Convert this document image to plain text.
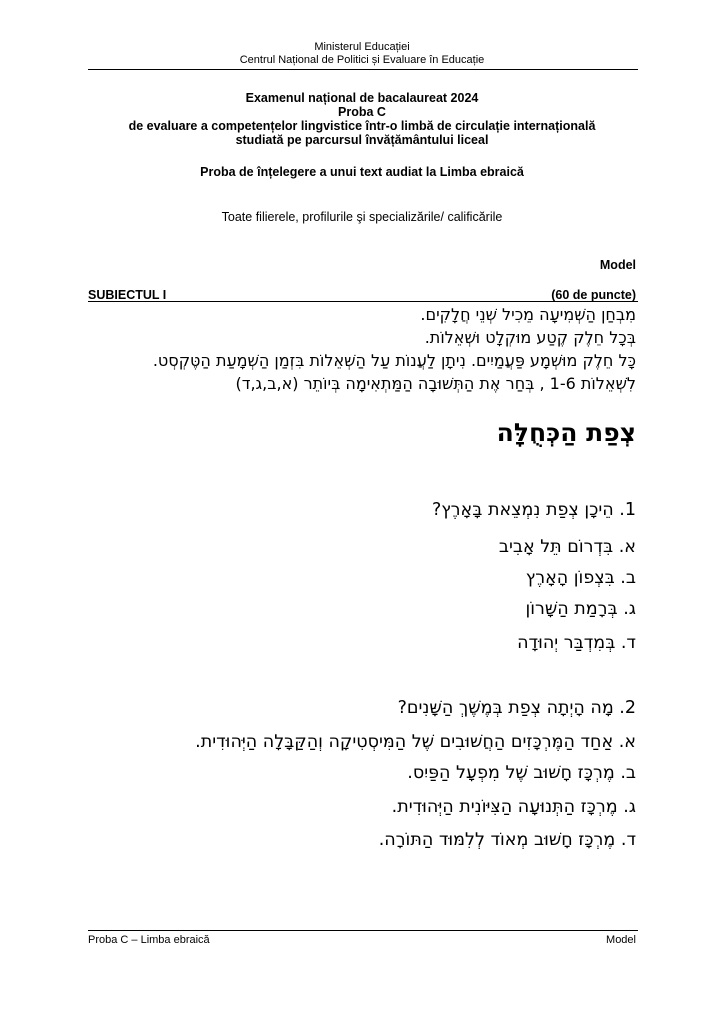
Ministerul Educației
Centrul Național de Politici și Evaluare în Educație
Examenul național de bacalaureat 2024
Proba C
de evaluare a competențelor lingvistice într-o limbă de circulație internațională
studiată pe parcursul învățământului liceal
Proba de înțelegere a unui text audiat la Limba ebraică
Toate filierele, profilurile şi specializările/ calificările
Model
SUBIECTUL I	(60 de puncte)
מִבְחַן הַשְּׁמִיעָה מֵכִיל שְׁנֵי חֲלָקִים.
בְּכָל חֵלֶק קֶטַע מוּקְלָט וּשְׁאֵלוֹת.
כָּל חֵלֶק מוּשְׁמָע פַּעֲמַיִים. נִיתָן לַעֲנוֹת עַל הַשְּׁאֵלוֹת בִּזְמַן הַשְׁמָעַת הַטֶּקְסְט.
לִשְׁאֵלוֹת 1-6 , בְּחַר אֶת הַתְּשׁוּבָה הַמַּתְאִימָה בְּיוֹתֵר (א,ב,ג,ד)
צְפַת הַכְּחֻלָּה
1. הֵיכָן צְפַת נִמְצֵאת בָּאָרֶץ?
א. בִּדְרוֹם תֵּל אָבִיב
ב. בִּצְפוֹן הָאָרֶץ
ג. בְּרָמַת הַשָּׁרוֹן
ד. בְּמִדְבַּר יְהוּדָה
2. מָה הָיְתָה צְפַת בְּמֶשֶׁךְ הַשָּׁנִים?
א. אַחַד הַמֶּרְכָּזִים הַחֲשׁוּבִים שֶׁל הַמִּיסְטִיקָה וְהַקַּבָּלָה הַיְּהוּדִית.
ב. מֶרְכָּז חָשׁוּב שֶׁל מִפְעָל הַפַּיִס.
ג. מֶרְכָּז הַתְּנוּעָה הַצִּיּוֹנִית הַיְּהוּדִית.
ד. מֶרְכָּז חָשׁוּב מְאוֹד לְלִמּוּד הַתּוֹרָה.
Proba C – Limba ebraică	Model
